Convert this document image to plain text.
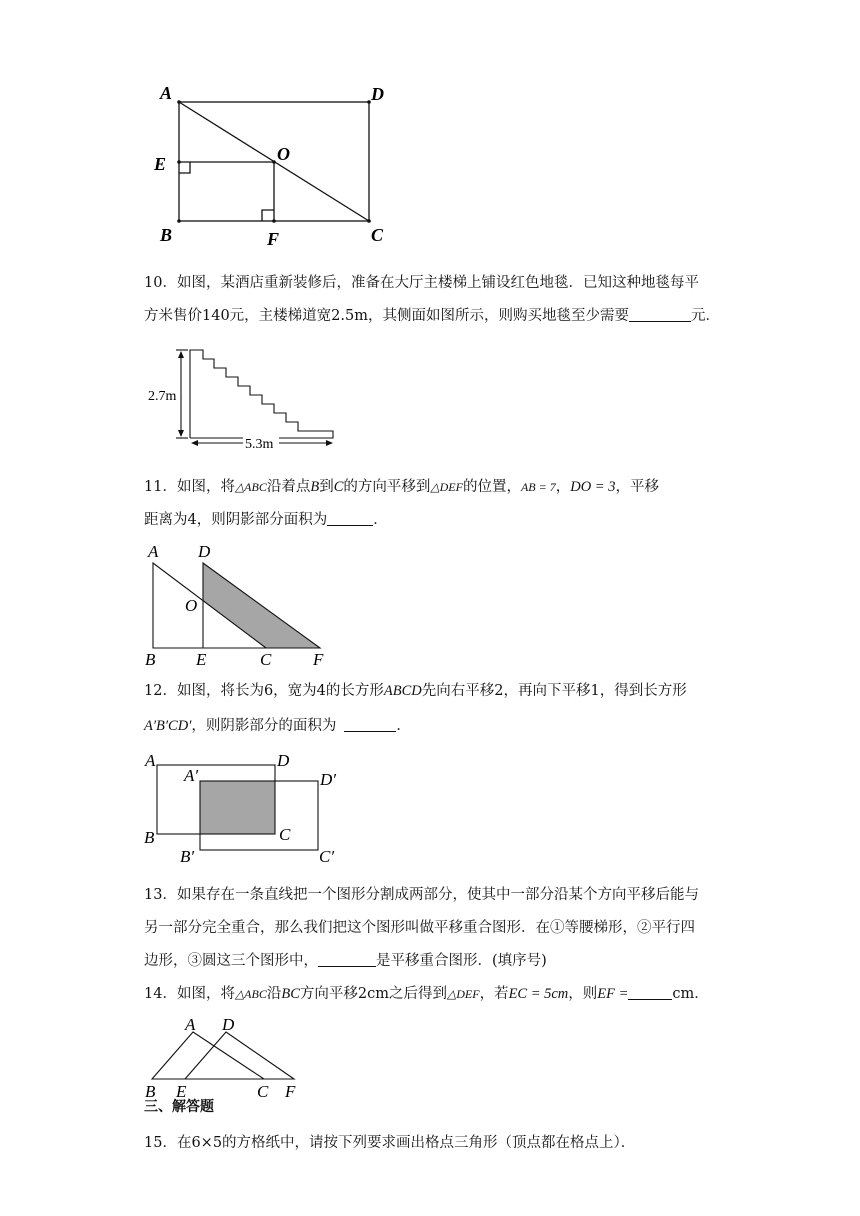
A	D
E	O
B	F	C
10．如图，某酒店重新装修后，准备在大厅主楼梯上铺设红色地毯．已知这种地毯每平
方米售价140元，主楼梯道宽2.5m，其侧面如图所示，则购买地毯至少需要	元．
2.7m
5.3m
11．如图，将△ABC沿着点B到C的方向平移到△DEF的位置，AB = 7，DO = 3，平移
距离为4，则阴影部分面积为	．
A D
O
B E	C F
12．如图，将长为6，宽为4的长方形ABCD先向右平移2，再向下平移1，得到长方形
A′B′CD′，则阴影部分的面积为	．
A	D
A′	D′
B	C
B′	C′
13．如果存在一条直线把一个图形分割成两部分，使其中一部分沿某个方向平移后能与
另一部分完全重合，那么我们把这个图形叫做平移重合图形．在①等腰梯形，②平行四
边形，③圆这三个图形中，	是平移重合图形．(填序号)
14．如图，将△ABC沿BC方向平移2cm之后得到△DEF，若EC = 5cm，则EF =	cm．
A D
B E	C F
三、解答题
15．在6×5的方格纸中，请按下列要求画出格点三角形（顶点都在格点上）．
